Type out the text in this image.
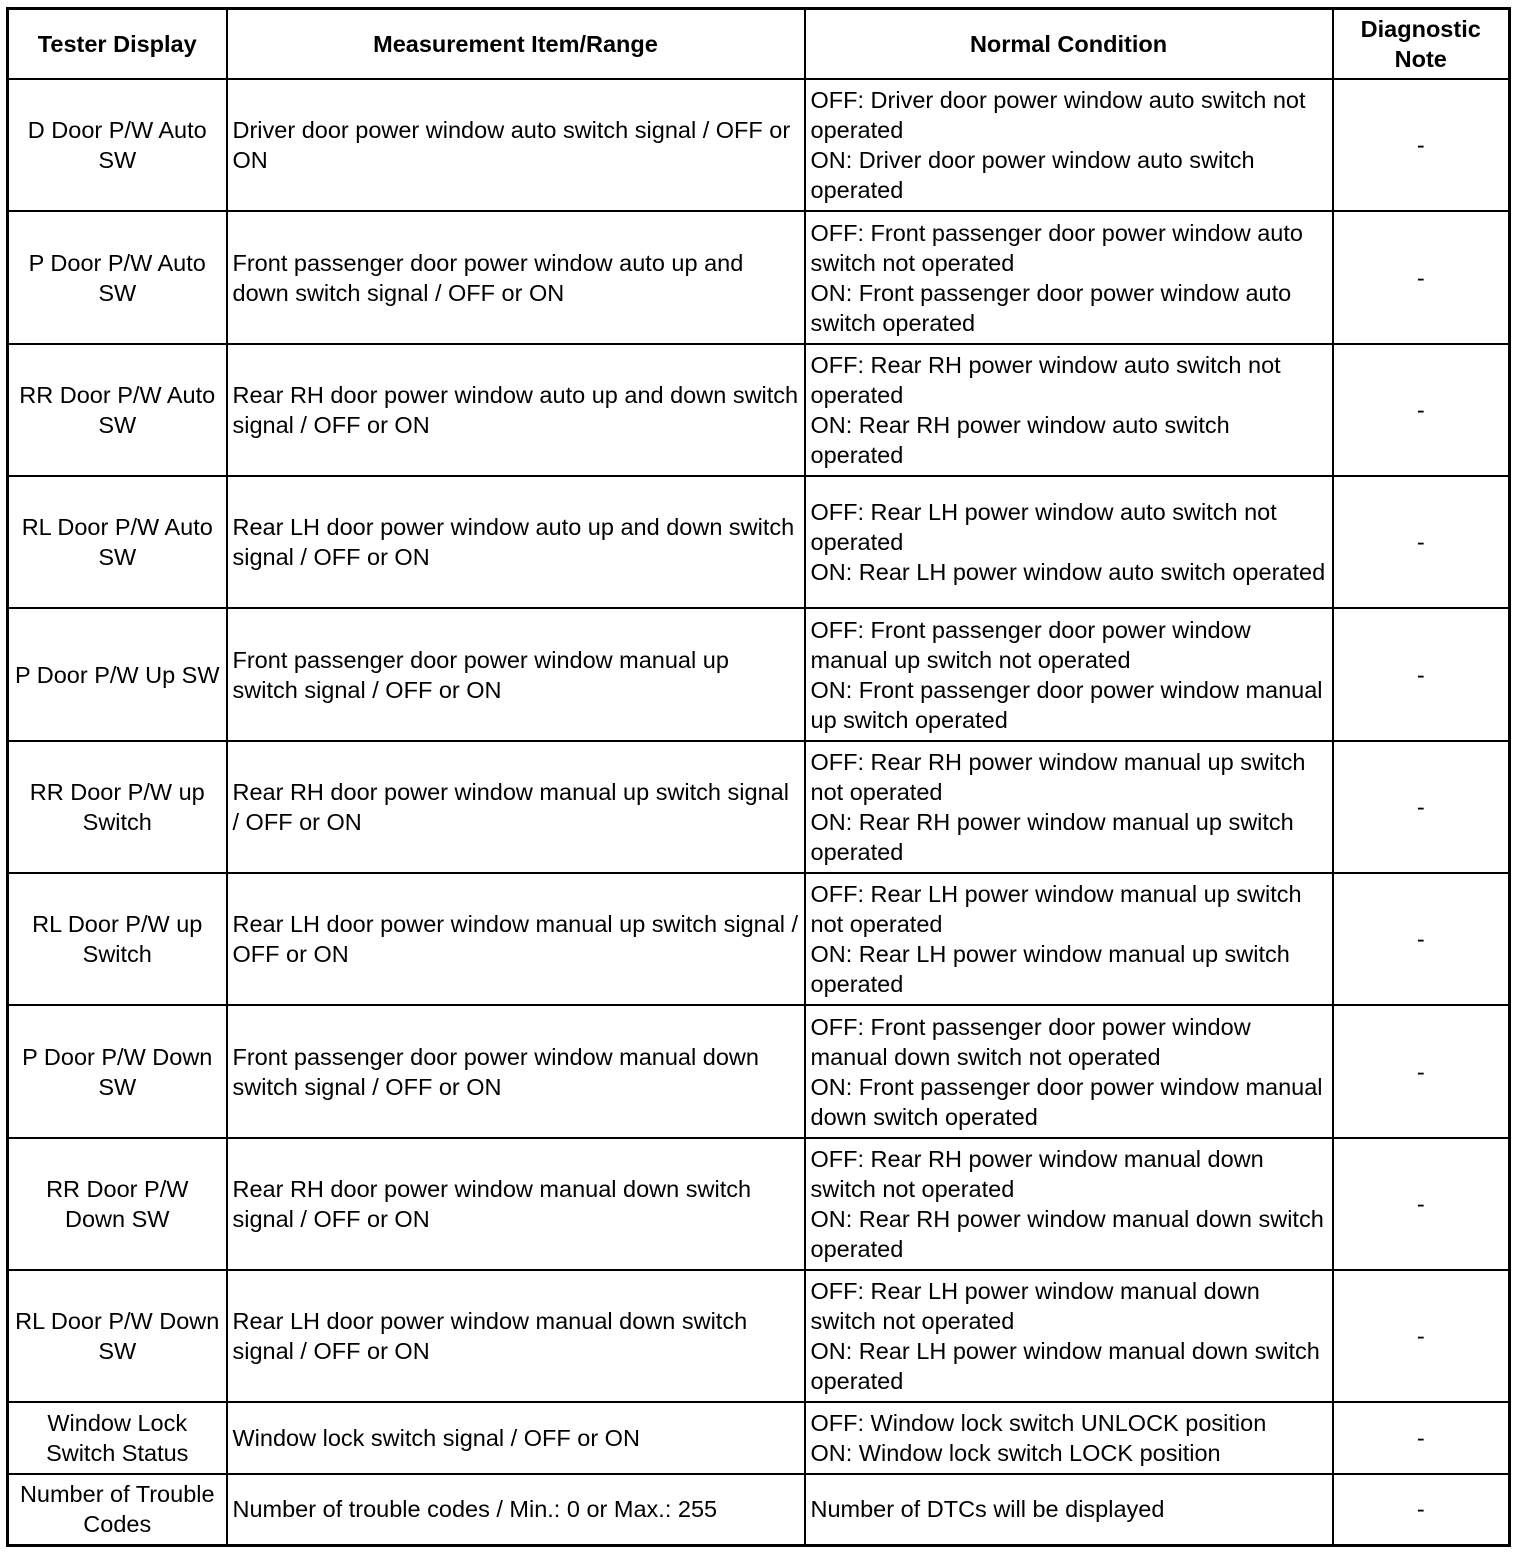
Tester Display	Measurement Item/Range	Normal Condition	Diagnostic Note

D Door P/W Auto SW	Driver door power window auto switch signal / OFF or ON	OFF: Driver door power window auto switch not operated
ON: Driver door power window auto switch operated	-
P Door P/W Auto SW	Front passenger door power window auto up and down switch signal / OFF or ON	OFF: Front passenger door power window auto switch not operated
ON: Front passenger door power window auto switch operated	-
RR Door P/W Auto SW	Rear RH door power window auto up and down switch signal / OFF or ON	OFF: Rear RH power window auto switch not operated
ON: Rear RH power window auto switch operated	-
RL Door P/W Auto SW	Rear LH door power window auto up and down switch signal / OFF or ON	OFF: Rear LH power window auto switch not operated
ON: Rear LH power window auto switch operated	-
P Door P/W Up SW	Front passenger door power window manual up switch signal / OFF or ON	OFF: Front passenger door power window manual up switch not operated
ON: Front passenger door power window manual up switch operated	-
RR Door P/W up Switch	Rear RH door power window manual up switch signal / OFF or ON	OFF: Rear RH power window manual up switch not operated
ON: Rear RH power window manual up switch operated	-
RL Door P/W up Switch	Rear LH door power window manual up switch signal / OFF or ON	OFF: Rear LH power window manual up switch not operated
ON: Rear LH power window manual up switch operated	-
P Door P/W Down SW	Front passenger door power window manual down switch signal / OFF or ON	OFF: Front passenger door power window manual down switch not operated
ON: Front passenger door power window manual down switch operated	-
RR Door P/W Down SW	Rear RH door power window manual down switch signal / OFF or ON	OFF: Rear RH power window manual down switch not operated
ON: Rear RH power window manual down switch operated	-
RL Door P/W Down SW	Rear LH door power window manual down switch signal / OFF or ON	OFF: Rear LH power window manual down switch not operated
ON: Rear LH power window manual down switch operated	-
Window Lock Switch Status	Window lock switch signal / OFF or ON	OFF: Window lock switch UNLOCK position
ON: Window lock switch LOCK position	-
Number of Trouble Codes	Number of trouble codes / Min.: 0 or Max.: 255	Number of DTCs will be displayed	-
